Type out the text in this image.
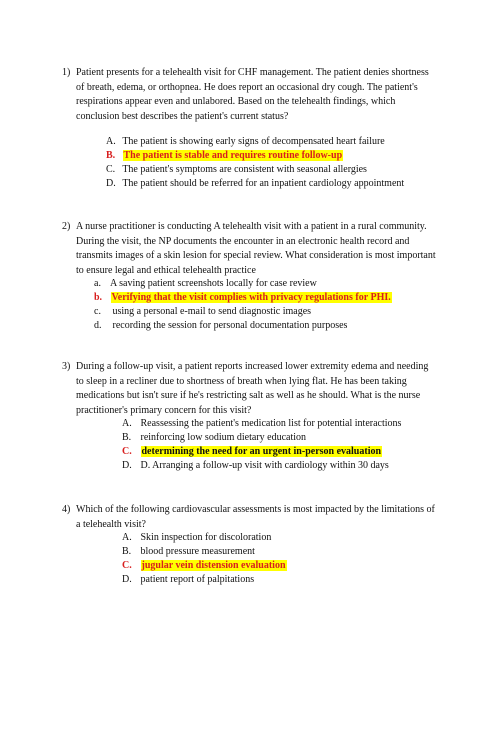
1) Patient presents for a telehealth visit for CHF management. The patient denies shortness of breath, edema, or orthopnea. He does report an occasional dry cough. The patient's respirations appear even and unlabored. Based on the telehealth findings, which conclusion best describes the patient's current status?
A. The patient is showing early signs of decompensated heart failure
B. The patient is stable and requires routine follow-up
C. The patient's symptoms are consistent with seasonal allergies
D. The patient should be referred for an inpatient cardiology appointment
2) A nurse practitioner is conducting A telehealth visit with a patient in a rural community. During the visit, the NP documents the encounter in an electronic health record and transmits images of a skin lesion for special review. What consideration is most important to ensure legal and ethical telehealth practice
a. A saving patient screenshots locally for case review
b. Verifying that the visit complies with privacy regulations for PHI.
c. using a personal e-mail to send diagnostic images
d. recording the session for personal documentation purposes
3) During a follow-up visit, a patient reports increased lower extremity edema and needing to sleep in a recliner due to shortness of breath when lying flat. He has been taking medications but isn't sure if he's restricting salt as well as he should. What is the nurse practitioner's primary concern for this visit?
A. Reassessing the patient's medication list for potential interactions
B. reinforcing low sodium dietary education
C. determining the need for an urgent in-person evaluation
D. D. Arranging a follow-up visit with cardiology within 30 days
4) Which of the following cardiovascular assessments is most impacted by the limitations of a telehealth visit?
A. Skin inspection for discoloration
B. blood pressure measurement
C. jugular vein distension evaluation
D. patient report of palpitations
